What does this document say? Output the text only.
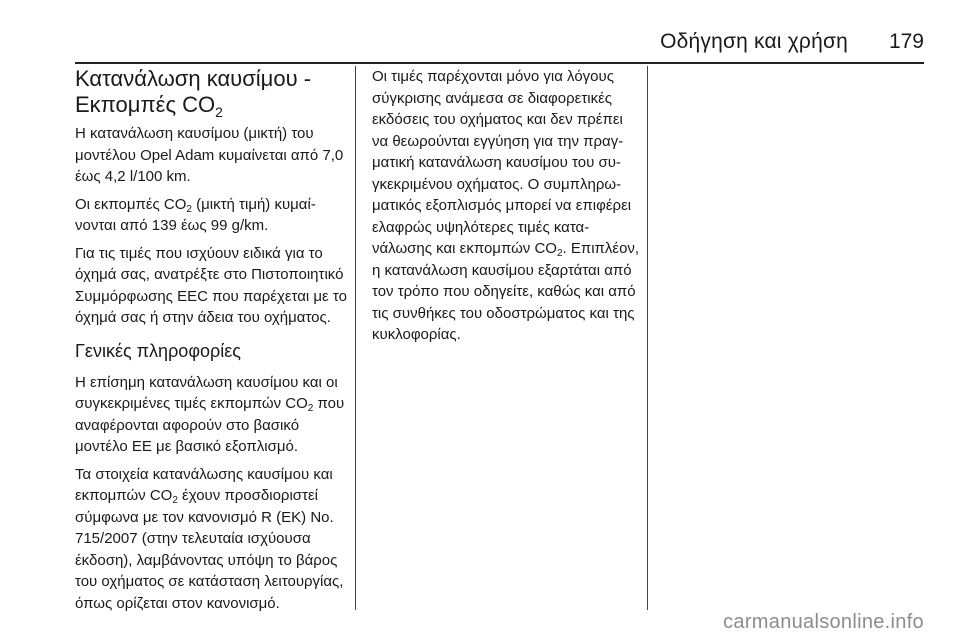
Οδήγηση και χρήση 179
Κατανάλωση καυσίμου -
Εκπομπές $CO_2$

Η κατανάλωση καυσίμου (μικτή) του μοντέλου Opel Adam κυμαίνεται από 7,0 έως 4,2 l/100 km.

Οι εκπομπές $CO_2$ (μικτή τιμή) κυμαίνονται από 139 έως 99 g/km.

Για τις τιμές που ισχύουν ειδικά για το όχημά σας, ανατρέξτε στο Πιστοποιητικό Συμμόρφωσης ΕΕC που παρέχεται με το όχημά σας ή στην άδεια του οχήματος.

Γενικές πληροφορίες

Η επίσημη κατανάλωση καυσίμου και οι συγκεκριμένες τιμές εκπομπών $CO_2$ που αναφέρονται αφορούν στο βασικό μοντέλο ΕΕ με βασικό εξοπλισμό.

Τα στοιχεία κατανάλωσης καυσίμου και εκπομπών $CO_2$ έχουν προσδιοριστεί σύμφωνα με τον κανονισμό R (ΕΚ) No. 715/2007 (στην τελευταία ισχύουσα έκδοση), λαμβάνοντας υπόψη το βάρος του οχήματος σε κατάσταση λειτουργίας, όπως ορίζεται στον κανονισμό.

Οι τιμές παρέχονται μόνο για λόγους σύγκρισης ανάμεσα σε διαφορετικές εκδόσεις του οχήματος και δεν πρέπει να θεωρούνται εγγύηση για την πραγματική κατανάλωση καυσίμου του συγκεκριμένου οχήματος. Ο συμπληρωματικός εξοπλισμός μπορεί να επιφέρει ελαφρώς υψηλότερες τιμές κατανάλωσης και εκπομπών $CO_2$. Επιπλέον, η κατανάλωση καυσίμου εξαρτάται από τον τρόπο που οδηγείτε, καθώς και από τις συνθήκες του οδοστρώματος και της κυκλοφορίας.

carmanualsonline.info
